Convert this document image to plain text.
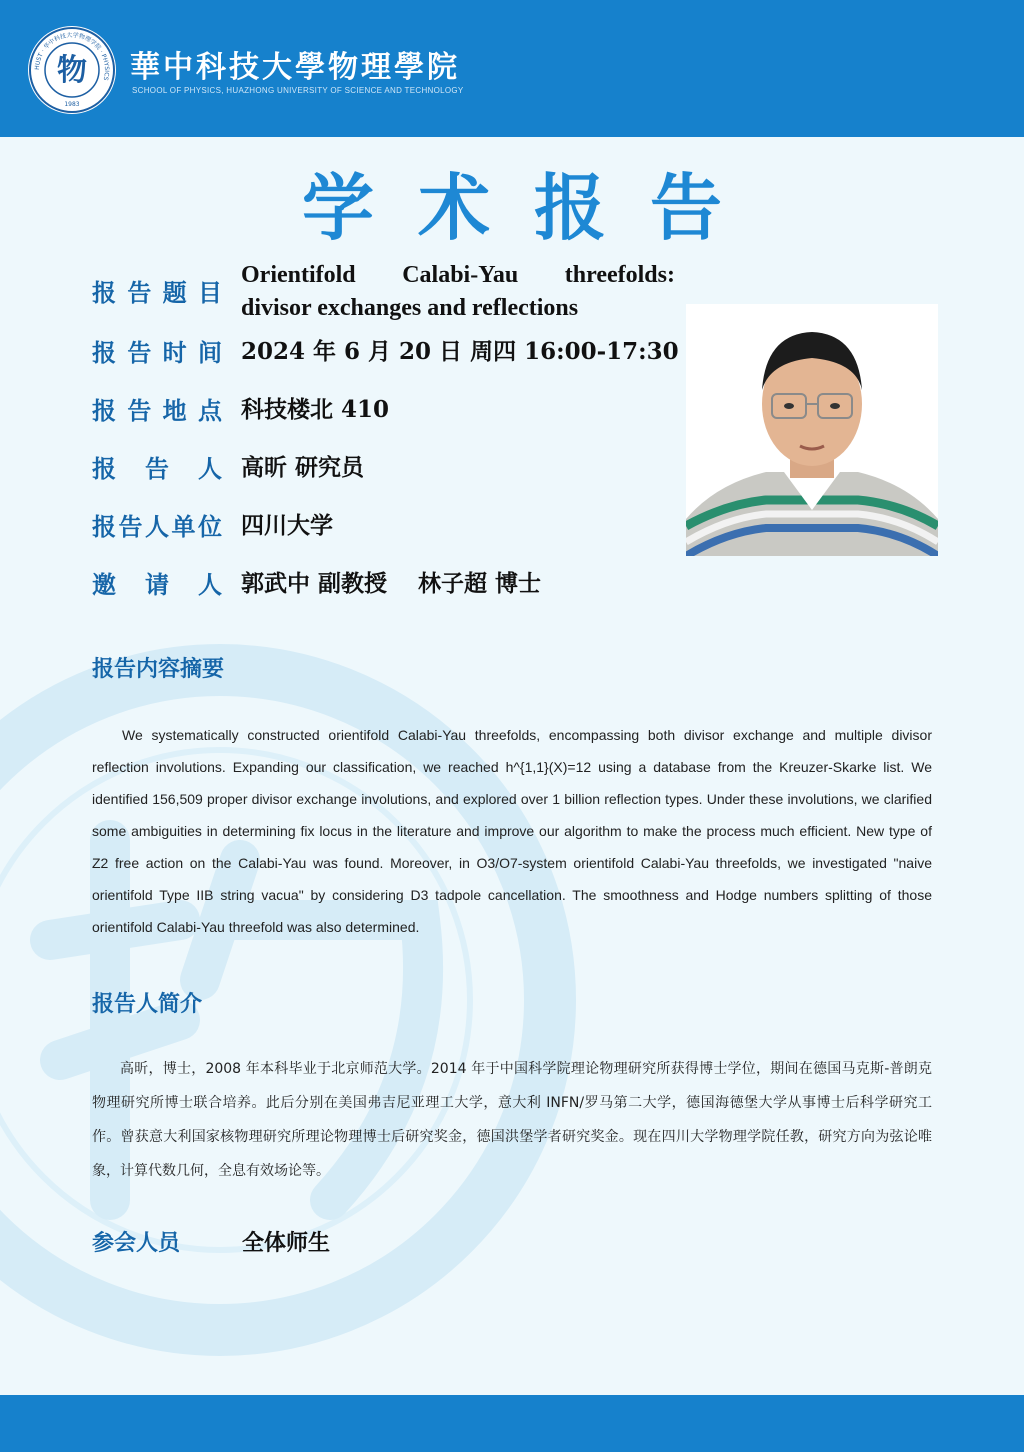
HUST · 华中科技大学物理学院 · PHYSICS
物
1983
華中科技大學物理學院
SCHOOL OF PHYSICS, HUAZHONG UNIVERSITY OF SCIENCE AND TECHNOLOGY
学术报告
报 告 题 目
Orientifold Calabi-Yau threefolds:
divisor exchanges and reflections
报 告 时 间 2024 年 6 月 20 日 周四 16:00-17:30
报 告 地 点 科技楼北 410
报 告 人 高昕 研究员
报 告 人 单 位 四川大学
邀 请 人 郭武中 副教授　 林子超 博士
报告内容摘要
We systematically constructed orientifold Calabi-Yau threefolds, encompassing both divisor exchange and multiple divisor reflection involutions. Expanding our classification, we reached h^{1,1}(X)=12 using a database from the Kreuzer-Skarke list. We identified 156,509 proper divisor exchange involutions, and explored over 1 billion reflection types. Under these involutions, we clarified some ambiguities in determining fix locus in the literature and improve our algorithm to make the process much efficient. New type of Z2 free action on the Calabi-Yau was found. Moreover, in O3/O7-system orientifold Calabi-Yau threefolds, we investigated "naive orientifold Type IIB string vacua" by considering D3 tadpole cancellation. The smoothness and Hodge numbers splitting of those orientifold Calabi-Yau threefold was also determined.
报告人简介
高昕，博士，2008 年本科毕业于北京师范大学。2014 年于中国科学院理论物理研究所获得博士学位，期间在德国马克斯-普朗克物理研究所博士联合培养。此后分别在美国弗吉尼亚理工大学，意大利 INFN/罗马第二大学，德国海德堡大学从事博士后科学研究工作。曾获意大利国家核物理研究所理论物理博士后研究奖金，德国洪堡学者研究奖金。现在四川大学物理学院任教，研究方向为弦论唯象，计算代数几何，全息有效场论等。
参会人员	全体师生
